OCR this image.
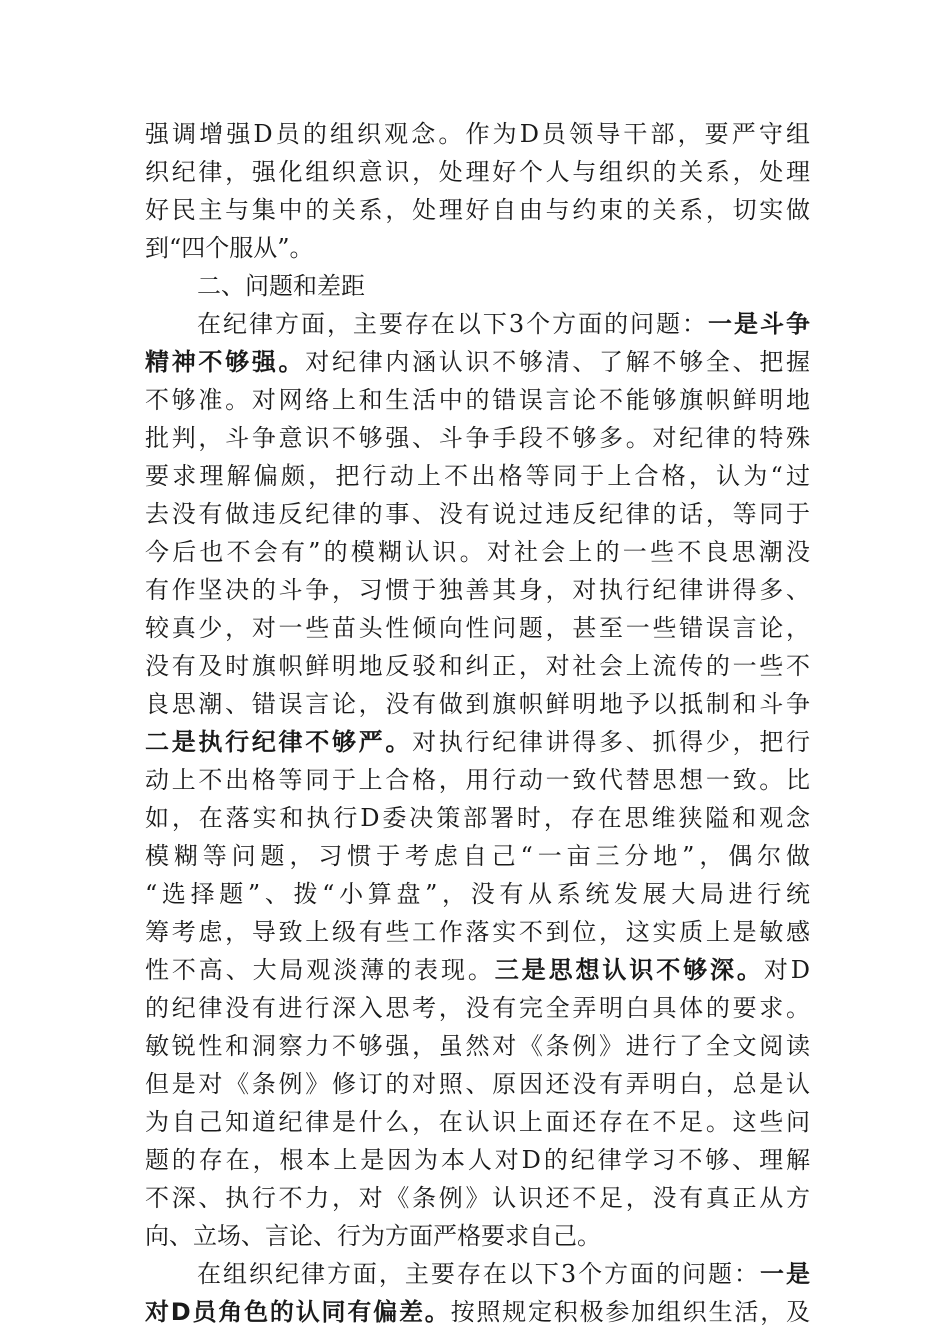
强调增强D员的组织观念。作为D员领导干部，要严守组
织纪律，强化组织意识，处理好个人与组织的关系，处理
好民主与集中的关系，处理好自由与约束的关系，切实做
到“四个服从”。
二、问题和差距
在纪律方面，主要存在以下3个方面的问题：一是斗争
精神不够强。对纪律内涵认识不够清、了解不够全、把握
不够准。对网络上和生活中的错误言论不能够旗帜鲜明地
批判，斗争意识不够强、斗争手段不够多。对纪律的特殊
要求理解偏颇，把行动上不出格等同于上合格，认为“过
去没有做违反纪律的事、没有说过违反纪律的话，等同于
今后也不会有”的模糊认识。对社会上的一些不良思潮没
有作坚决的斗争，习惯于独善其身，对执行纪律讲得多、
较真少，对一些苗头性倾向性问题，甚至一些错误言论，
没有及时旗帜鲜明地反驳和纠正，对社会上流传的一些不
良思潮、错误言论，没有做到旗帜鲜明地予以抵制和斗争
二是执行纪律不够严。对执行纪律讲得多、抓得少，把行
动上不出格等同于上合格，用行动一致代替思想一致。比
如，在落实和执行D委决策部署时，存在思维狭隘和观念
模糊等问题，习惯于考虑自己“一亩三分地”，偶尔做
“选择题”、拨“小算盘”，没有从系统发展大局进行统
筹考虑，导致上级有些工作落实不到位，这实质上是敏感
性不高、大局观淡薄的表现。三是思想认识不够深。对D
的纪律没有进行深入思考，没有完全弄明白具体的要求。
敏锐性和洞察力不够强，虽然对《条例》进行了全文阅读
但是对《条例》修订的对照、原因还没有弄明白，总是认
为自己知道纪律是什么，在认识上面还存在不足。这些问
题的存在，根本上是因为本人对D的纪律学习不够、理解
不深、执行不力，对《条例》认识还不足，没有真正从方
向、立场、言论、行为方面严格要求自己。
在组织纪律方面，主要存在以下3个方面的问题：一是
对D员角色的认同有偏差。按照规定积极参加组织生活，及
